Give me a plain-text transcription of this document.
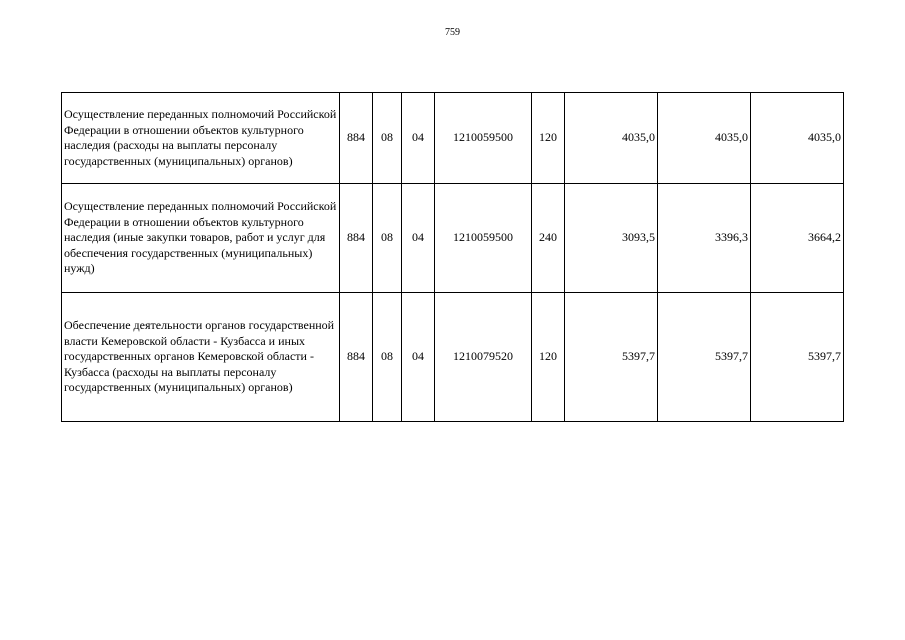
759
Осуществление переданных полномочий Российской Федерации в отношении объектов культурного наследия (расходы на выплаты персоналу государственных (муниципальных) органов)	884	08	04	1210059500	120	4035,0	4035,0	4035,0
Осуществление переданных полномочий Российской Федерации в отношении объектов культурного наследия (иные закупки товаров, работ и услуг для обеспечения государственных (муниципальных) нужд)	884	08	04	1210059500	240	3093,5	3396,3	3664,2
Обеспечение деятельности органов государственной власти Кемеровской области - Кузбасса и иных государственных органов Кемеровской области - Кузбасса (расходы на выплаты персоналу государственных (муниципальных) органов)	884	08	04	1210079520	120	5397,7	5397,7	5397,7
